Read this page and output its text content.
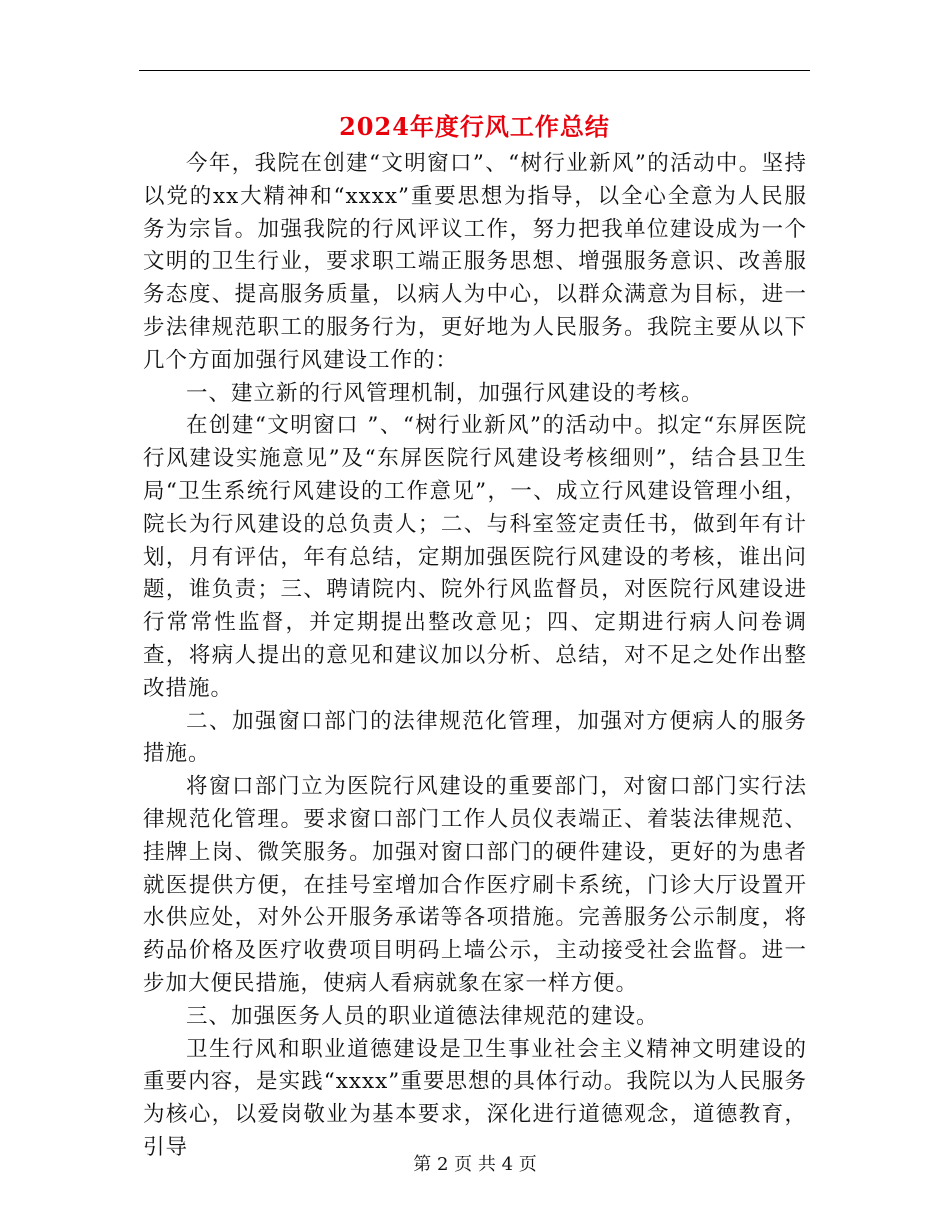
2024年度行风工作总结

今年，我院在创建“文明窗口”、“树行业新风”的活动中。坚持以党的xx大精神和“xxxx”重要思想为指导，以全心全意为人民服务为宗旨。加强我院的行风评议工作，努力把我单位建设成为一个文明的卫生行业，要求职工端正服务思想、增强服务意识、改善服务态度、提高服务质量，以病人为中心，以群众满意为目标，进一步法律规范职工的服务行为，更好地为人民服务。我院主要从以下几个方面加强行风建设工作的：

一、建立新的行风管理机制，加强行风建设的考核。

在创建“文明窗口 ”、“树行业新风”的活动中。拟定“东屏医院行风建设实施意见”及“东屏医院行风建设考核细则”，结合县卫生局“卫生系统行风建设的工作意见”，一、成立行风建设管理小组，院长为行风建设的总负责人；二、与科室签定责任书，做到年有计划，月有评估，年有总结，定期加强医院行风建设的考核，谁出问题，谁负责；三、聘请院内、院外行风监督员，对医院行风建设进行常常性监督，并定期提出整改意见；四、定期进行病人问卷调查，将病人提出的意见和建议加以分析、总结，对不足之处作出整改措施。

二、加强窗口部门的法律规范化管理，加强对方便病人的服务措施。

将窗口部门立为医院行风建设的重要部门，对窗口部门实行法律规范化管理。要求窗口部门工作人员仪表端正、着装法律规范、挂牌上岗、微笑服务。加强对窗口部门的硬件建设，更好的为患者就医提供方便，在挂号室增加合作医疗刷卡系统，门诊大厅设置开水供应处，对外公开服务承诺等各项措施。完善服务公示制度，将药品价格及医疗收费项目明码上墙公示，主动接受社会监督。进一步加大便民措施，使病人看病就象在家一样方便。

三、加强医务人员的职业道德法律规范的建设。

卫生行风和职业道德建设是卫生事业社会主义精神文明建设的重要内容，是实践“xxxx”重要思想的具体行动。我院以为人民服务为核心，以爱岗敬业为基本要求，深化进行道德观念，道德教育，引导

第 2 页 共 4 页
